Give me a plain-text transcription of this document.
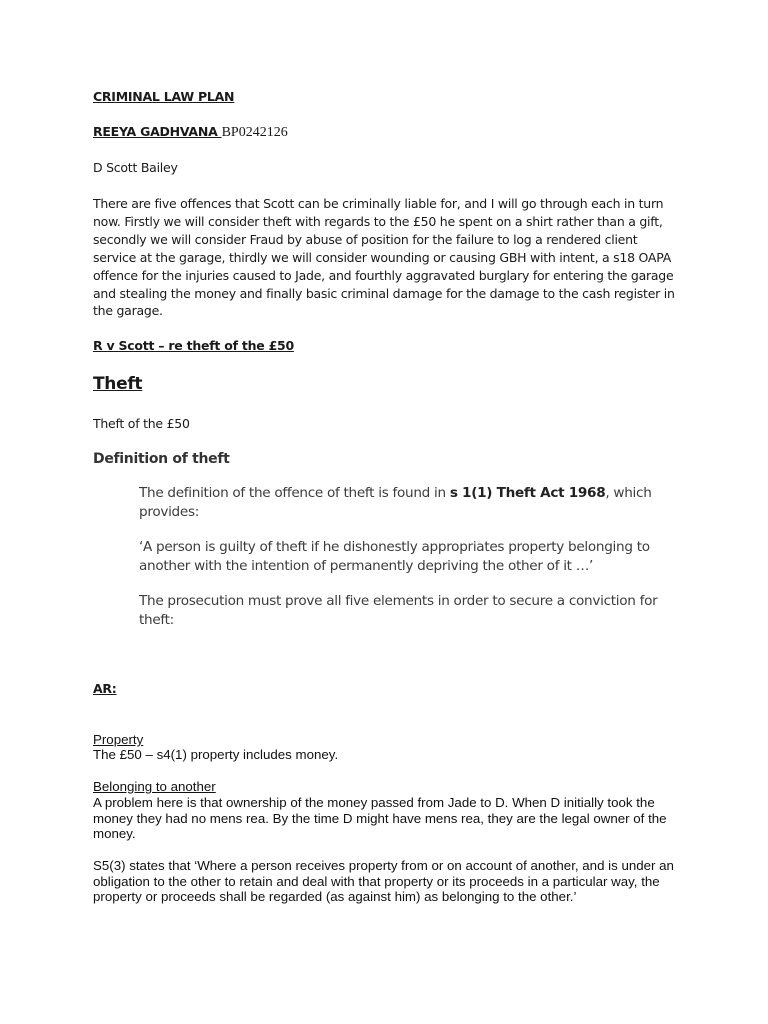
CRIMINAL LAW PLAN

REEYA GADHVANA BP0242126

D Scott Bailey

There are five offences that Scott can be criminally liable for, and I will go through each in turn now. Firstly we will consider theft with regards to the £50 he spent on a shirt rather than a gift, secondly we will consider Fraud by abuse of position for the failure to log a rendered client service at the garage, thirdly we will consider wounding or causing GBH with intent, a s18 OAPA offence for the injuries caused to Jade, and fourthly aggravated burglary for entering the garage and stealing the money and finally basic criminal damage for the damage to the cash register in the garage.

R v Scott – re theft of the £50

Theft

Theft of the £50

Definition of theft

The definition of the offence of theft is found in s 1(1) Theft Act 1968, which provides:

‘A person is guilty of theft if he dishonestly appropriates property belonging to another with the intention of permanently depriving the other of it …’

The prosecution must prove all five elements in order to secure a conviction for theft:

AR:

Property

The £50 – s4(1) property includes money.

Belonging to another

A problem here is that ownership of the money passed from Jade to D. When D initially took the money they had no mens rea. By the time D might have mens rea, they are the legal owner of the money.

S5(3) states that ‘Where a person receives property from or on account of another, and is under an obligation to the other to retain and deal with that property or its proceeds in a particular way, the property or proceeds shall be regarded (as against him) as belonging to the other.’
